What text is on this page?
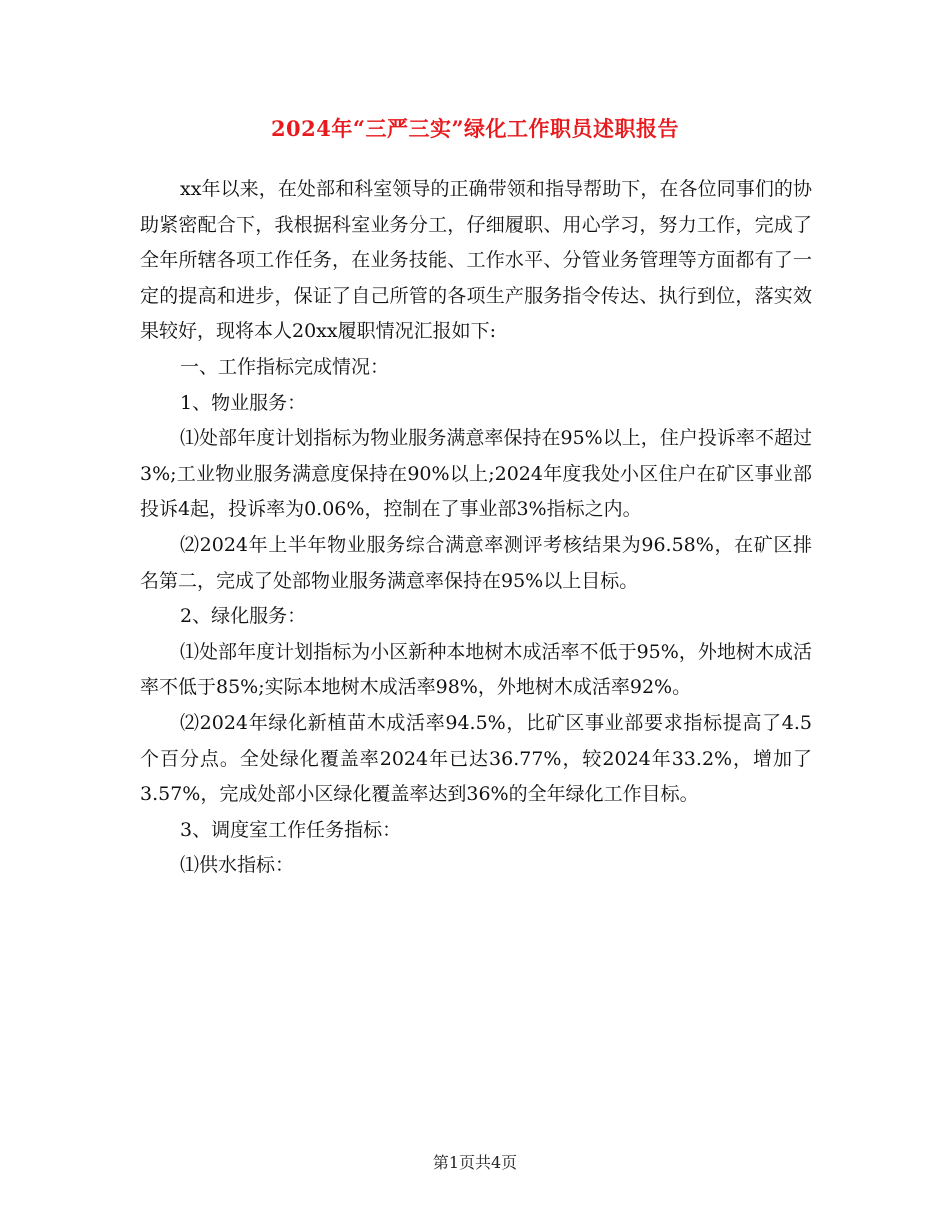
2024年“三严三实”绿化工作职员述职报告

xx年以来，在处部和科室领导的正确带领和指导帮助下，在各位同事们的协助紧密配合下，我根据科室业务分工，仔细履职、用心学习，努力工作，完成了全年所辖各项工作任务，在业务技能、工作水平、分管业务管理等方面都有了一定的提高和进步，保证了自己所管的各项生产服务指令传达、执行到位，落实效果较好，现将本人20xx履职情况汇报如下:

一、工作指标完成情况：

1、物业服务：

⑴处部年度计划指标为物业服务满意率保持在95%以上，住户投诉率不超过3%;工业物业服务满意度保持在90%以上;2024年度我处小区住户在矿区事业部投诉4起，投诉率为0.06%，控制在了事业部3%指标之内。

⑵2024年上半年物业服务综合满意率测评考核结果为96.58%，在矿区排名第二，完成了处部物业服务满意率保持在95%以上目标。

2、绿化服务：

⑴处部年度计划指标为小区新种本地树木成活率不低于95%，外地树木成活率不低于85%;实际本地树木成活率98%，外地树木成活率92%。

⑵2024年绿化新植苗木成活率94.5%，比矿区事业部要求指标提高了4.5个百分点。全处绿化覆盖率2024年已达36.77%，较2024年33.2%，增加了3.57%，完成处部小区绿化覆盖率达到36%的全年绿化工作目标。

3、调度室工作任务指标：

⑴供水指标：

第1页共4页
